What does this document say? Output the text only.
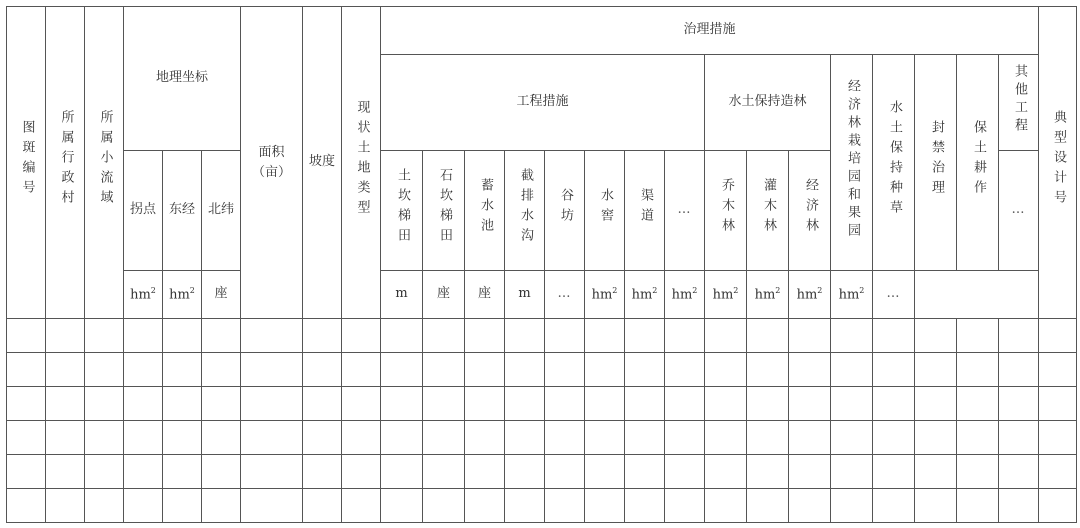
图斑编号	所属行政村	所属小流域	地理坐标			面积（亩）	坡度	现状土地类型	治理措施																典型设计号
									工程措施								水土保持造林			经济林栽培园和果园	水土保持种草	封禁治理	保土耕作	其他工程	
			拐点	东经	北纬				土坎梯田	石坎梯田	蓄水池	截排水沟	谷坊	水窖	渠道	…	乔木林	灌木林	经济林					…	
			$hm^2$	$hm^2$	座				m	座	座	m	…	$hm^2$	$hm^2$	$hm^2$	$hm^2$	$hm^2$	$hm^2$	$hm^2$	…				
